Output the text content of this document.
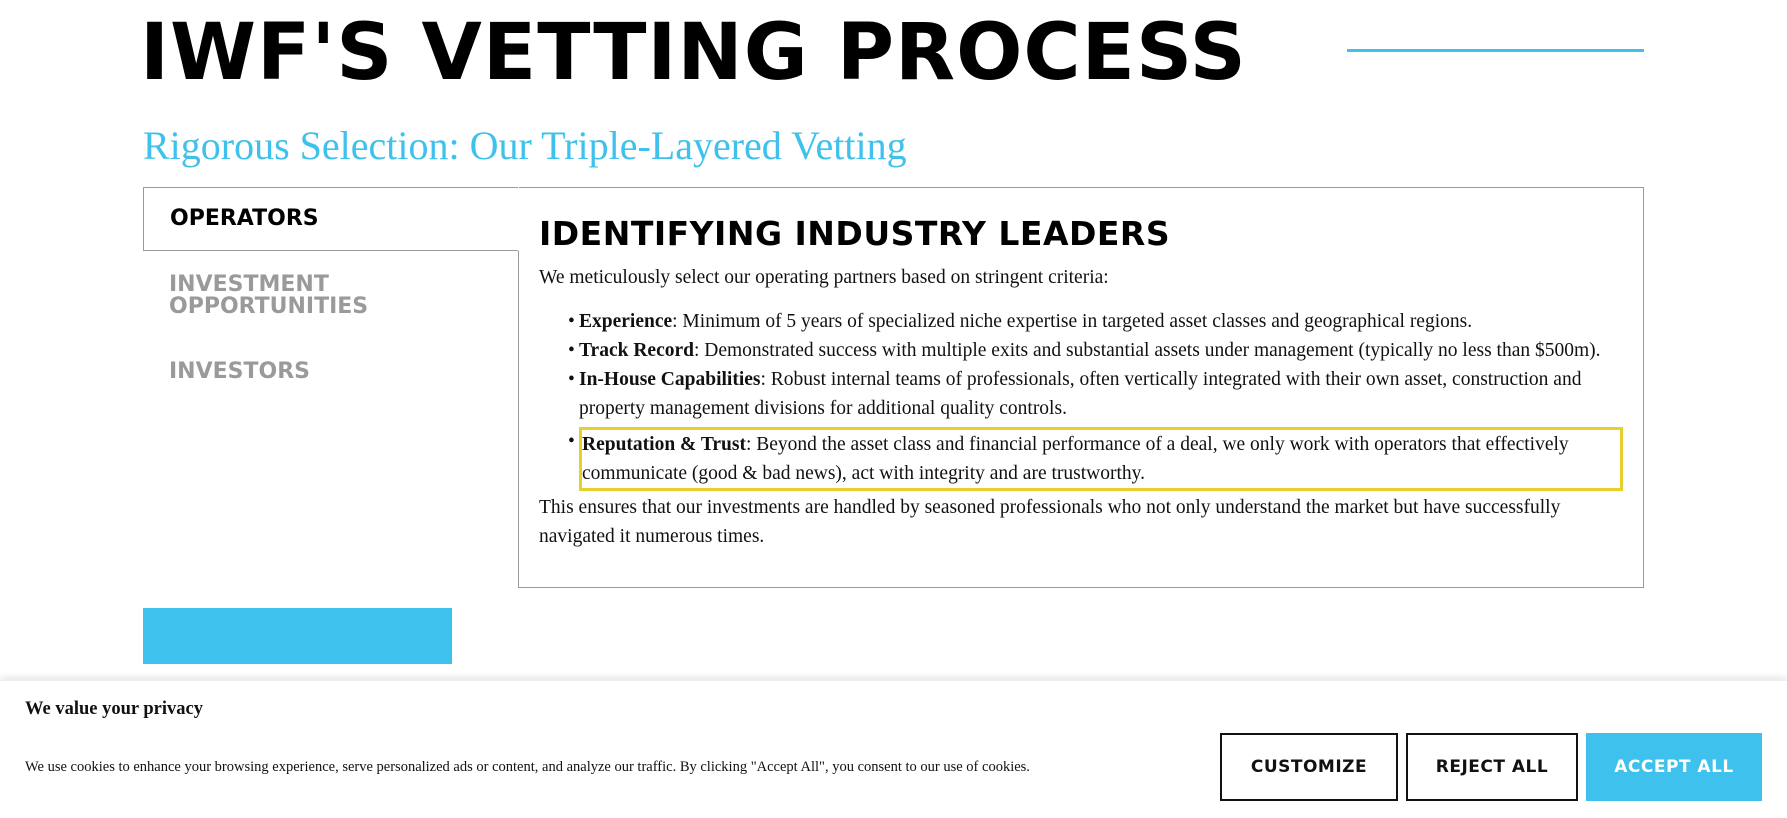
IWF'S VETTING PROCESS
Rigorous Selection: Our Triple-Layered Vetting
OPERATORS
INVESTMENT OPPORTUNITIES
INVESTORS
IDENTIFYING INDUSTRY LEADERS

We meticulously select our operating partners based on stringent criteria:

• Experience: Minimum of 5 years of specialized niche expertise in targeted asset classes and geographical regions.
• Track Record: Demonstrated success with multiple exits and substantial assets under management (typically no less than $500m).
• In-House Capabilities: Robust internal teams of professionals, often vertically integrated with their own asset, construction and property management divisions for additional quality controls.
• Reputation & Trust: Beyond the asset class and financial performance of a deal, we only work with operators that effectively communicate (good & bad news), act with integrity and are trustworthy.

This ensures that our investments are handled by seasoned professionals who not only understand the market but have successfully navigated it numerous times.

We value your privacy
We use cookies to enhance your browsing experience, serve personalized ads or content, and analyze our traffic. By clicking "Accept All", you consent to our use of cookies.	CUSTOMIZE	REJECT ALL	ACCEPT ALL
